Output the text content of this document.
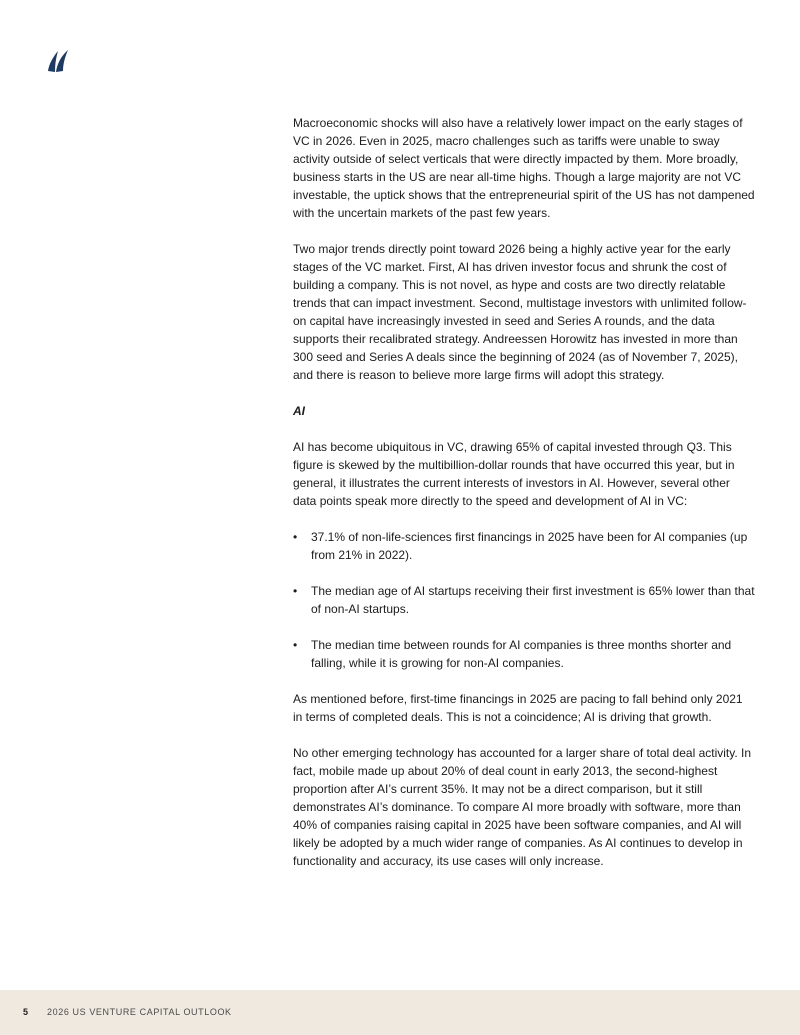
Macroeconomic shocks will also have a relatively lower impact on the early stages of VC in 2026. Even in 2025, macro challenges such as tariffs were unable to sway activity outside of select verticals that were directly impacted by them. More broadly, business starts in the US are near all-time highs. Though a large majority are not VC investable, the uptick shows that the entrepreneurial spirit of the US has not dampened with the uncertain markets of the past few years.

Two major trends directly point toward 2026 being a highly active year for the early stages of the VC market. First, AI has driven investor focus and shrunk the cost of building a company. This is not novel, as hype and costs are two directly relatable trends that can impact investment. Second, multistage investors with unlimited follow-on capital have increasingly invested in seed and Series A rounds, and the data supports their recalibrated strategy. Andreessen Horowitz has invested in more than 300 seed and Series A deals since the beginning of 2024 (as of November 7, 2025), and there is reason to believe more large firms will adopt this strategy.

AI

AI has become ubiquitous in VC, drawing 65% of capital invested through Q3. This figure is skewed by the multibillion-dollar rounds that have occurred this year, but in general, it illustrates the current interests of investors in AI. However, several other data points speak more directly to the speed and development of AI in VC:

• 37.1% of non-life-sciences first financings in 2025 have been for AI companies (up from 21% in 2022).
• The median age of AI startups receiving their first investment is 65% lower than that of non-AI startups.
• The median time between rounds for AI companies is three months shorter and falling, while it is growing for non-AI companies.

As mentioned before, first-time financings in 2025 are pacing to fall behind only 2021 in terms of completed deals. This is not a coincidence; AI is driving that growth.

No other emerging technology has accounted for a larger share of total deal activity. In fact, mobile made up about 20% of deal count in early 2013, the second-highest proportion after AI’s current 35%. It may not be a direct comparison, but it still demonstrates AI’s dominance. To compare AI more broadly with software, more than 40% of companies raising capital in 2025 have been software companies, and AI will likely be adopted by a much wider range of companies. As AI continues to develop in functionality and accuracy, its use cases will only increase.

5 2026 US VENTURE CAPITAL OUTLOOK
